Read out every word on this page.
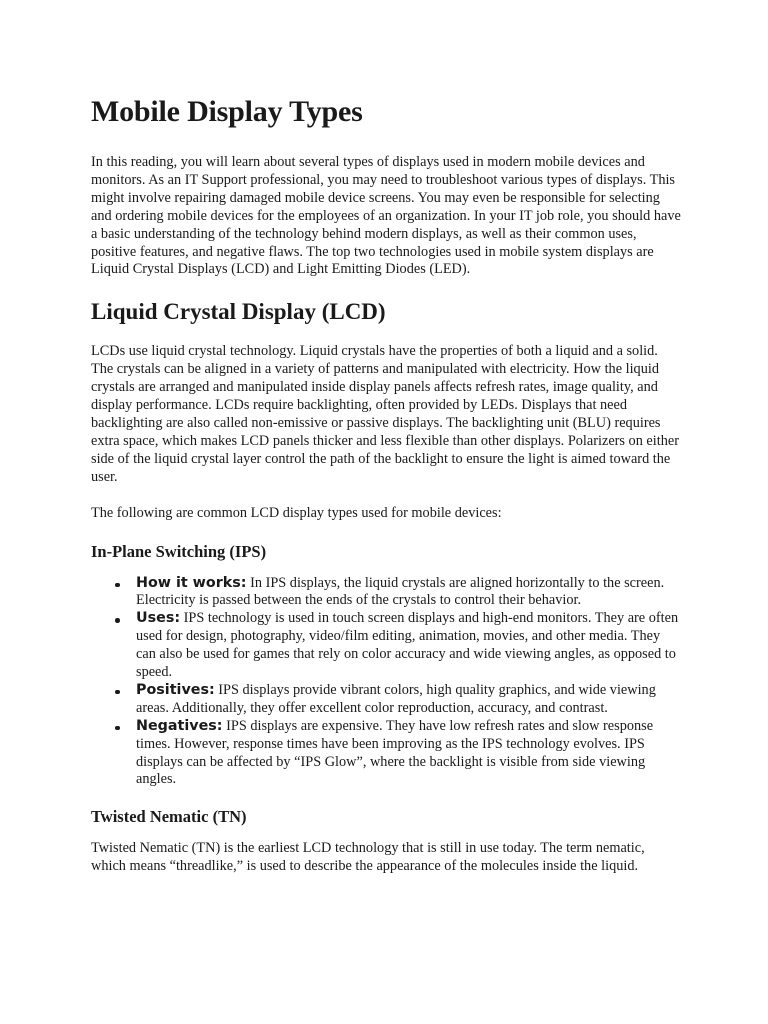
Mobile Display Types

In this reading, you will learn about several types of displays used in modern mobile devices and monitors. As an IT Support professional, you may need to troubleshoot various types of displays. This might involve repairing damaged mobile device screens. You may even be responsible for selecting and ordering mobile devices for the employees of an organization. In your IT job role, you should have a basic understanding of the technology behind modern displays, as well as their common uses, positive features, and negative flaws. The top two technologies used in mobile system displays are Liquid Crystal Displays (LCD) and Light Emitting Diodes (LED).

Liquid Crystal Display (LCD)

LCDs use liquid crystal technology. Liquid crystals have the properties of both a liquid and a solid. The crystals can be aligned in a variety of patterns and manipulated with electricity. How the liquid crystals are arranged and manipulated inside display panels affects refresh rates, image quality, and display performance. LCDs require backlighting, often provided by LEDs. Displays that need backlighting are also called non-emissive or passive displays. The backlighting unit (BLU) requires extra space, which makes LCD panels thicker and less flexible than other displays. Polarizers on either side of the liquid crystal layer control the path of the backlight to ensure the light is aimed toward the user.

The following are common LCD display types used for mobile devices:

In-Plane Switching (IPS)
How it works: In IPS displays, the liquid crystals are aligned horizontally to the screen. Electricity is passed between the ends of the crystals to control their behavior.
Uses: IPS technology is used in touch screen displays and high-end monitors. They are often used for design, photography, video/film editing, animation, movies, and other media. They can also be used for games that rely on color accuracy and wide viewing angles, as opposed to speed.
Positives: IPS displays provide vibrant colors, high quality graphics, and wide viewing areas. Additionally, they offer excellent color reproduction, accuracy, and contrast.
Negatives: IPS displays are expensive. They have low refresh rates and slow response times. However, response times have been improving as the IPS technology evolves. IPS displays can be affected by “IPS Glow”, where the backlight is visible from side viewing angles.
Twisted Nematic (TN)

Twisted Nematic (TN) is the earliest LCD technology that is still in use today. The term nematic, which means “threadlike,” is used to describe the appearance of the molecules inside the liquid.
